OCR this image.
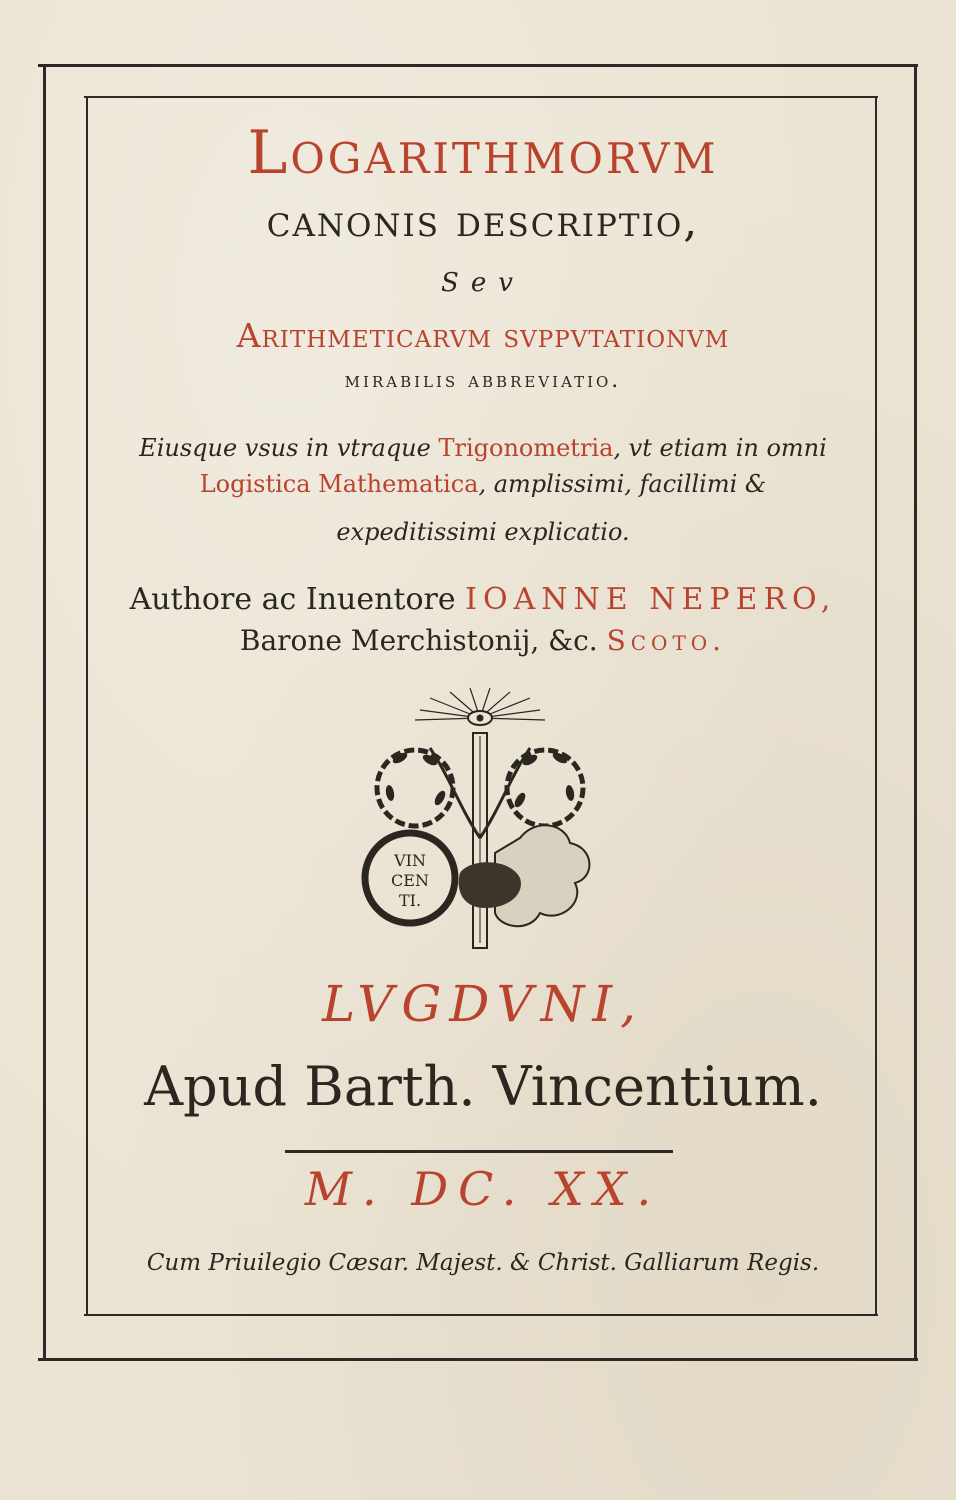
Logarithmorvm
canonis descriptio,
Sev
Arithmeticarvm svppvtationvm
mirabilis abbreviatio.
Eiusque vsus in vtraque Trigonometria, vt etiam in omni
Logistica Mathematica, amplissimi, facillimi &
expeditissimi explicatio.
Authore ac Inuentore IOANNE NEPERO,
Barone Merchistonij, &c. Scoto.
VIN
CEN
TI.
LVGDVNI,
Apud Barth. Vincentium.
M. DC. XX.
Cum Priuilegio Cæsar. Majest. & Christ. Galliarum Regis.
